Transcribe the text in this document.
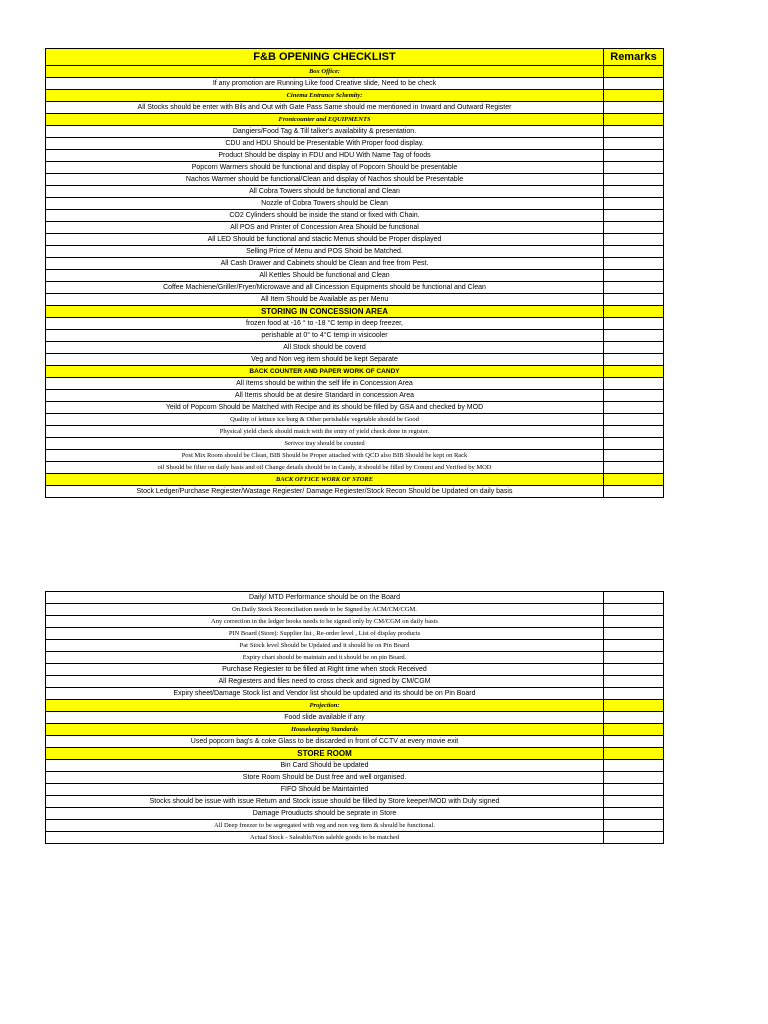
F&B OPENING CHECKLIST	Remarks
Box Office:	
If any promotion are Running Like food Creative slide, Need to be check	
Cinema Entrance Schemity:	
All Stocks should be enter with Bils and Out with Gate Pass Same should me mentioned in Inward and Outward Register	
Frontcounter and EQUIPMENTS	
Dangiers/Food Tag & Till talker's availability & presentation.	
CDU and HDU Should be Presentable With Proper food display.	
Product Should be display in FDU and HDU With Name Tag of foods	
Popcorn Warmers should be functional and display of Popcorn Should be presentable	
Nachos Warmer should be functional/Clean and display of Nachos should be Presentable	
All Cobra Towers should be functional and Clean	
Nozzle of Cobra Towers should be Clean	
CO2 Cylinders should be inside the stand or fixed with Chain.	
All POS and Printer of Concession Area Should be functional	
All LED Should be functional and stactic Menus should be Proper displayed	
Selling Price of Menu and POS Shoid be Matched.	
All Cash Drawer and Cabinets should be Clean and free from Pest.	
All Kettles Should be functional and Clean	
Coffee Machiene/Griller/Fryer/Microwave and all Cincession Equipments should be functional and Clean	
All Item Should be Available as per Menu	
STORING IN CONCESSION AREA	
frozen food at -16 ° to -18 °C temp in deep freezer,	
perishable at 0° to 4°C temp in visicooler	
All Stock should be coverd	
Veg and Non veg item should be kept Separate	
BACK COUNTER AND PAPER WORK OF CANDY	
All Items should be within the self life in Concession Area	
All Items should be at desire Standard in concession Area	
Yeild of Popcorn Should be Matched with Recipe and its should be filled by GSA and checked by MOD	
Quality of lettuce ice burg & Other perishable vegetable should be Good	
Physical yield check should match with the entry of yield check done in register.	
Serivce tray should be counted	
Post Mix Room should be Clean, BIB Should be Proper attached with QCD also BIB Should be kept on Rack	
oil Should be filter on daily basis and oil Change details should be in Candy, it should be filled by Commi and Verified by MOD	
BACK OFFICE WORK OF STORE	
Stock Ledger/Purchase Regiester/Wastage Regiester/ Damage Regiester/Stock Recon Should be Updated on daily basis	
Daily/ MTD Performance should be on the Board	
On Daily Stock Reconciliation needs to be Signed by ACM/CM/CGM.	
Any correction in the ledger books needs to be signed only by CM/CGM on daily basis	
PIN Board (Store): Supplier list , Re-order level , List of display products	
Par Stock level Should be Updated and it should be on Pin Board	
Expiry chart should be maintain and it should be on pin Board.	
Purchase Regiester to be filled at Right time when stock Received	
All Regiesters and files need to cross check and signed by CM/CGM	
Expiry sheet/Damage Stock list and Vendor list should be updated and its should be on Pin Board	
Projection:	
Food slide available if any	
Housekeeping Standards	
Used popcorn bag's & coke Glass to be discarded in front of CCTV at every movie exit	
STORE ROOM	
Bin Card Should be updated	
Store Room Should be Dust free and well organised.	
FIFO Should be Maintainted	
Stocks should be issue with issue Return and Stock issue should be filled by Store keeper/MOD with Duly signed	
Damage Prouducts should be seprate in Store	
All Deep freezer to be segregated with veg and non veg item & should be functional.	
Actual Stock - Saleable/Non saleble goods to be matched	
